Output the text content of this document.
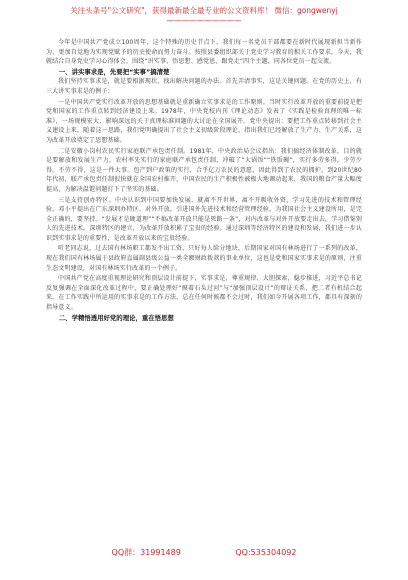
关注头条号"公文研究"，获得最新最全最专业的公文资料库！ 微信：gongwenyj
——————————

今年是中国共产党成立100周年，这个特殊的历史节点下，我们每一名党员干部都要在新时代展现新担当新作为，更加自觉地为实现党赋予的历史使命而努力奋斗。按照县委组织部关于党史学习教育的相关工作要求，今天，我就结合自身党史学习心得体会，围绕“讲实事、悟思想、感党恩、跟党走”四个主题，同各位党员一起交流。

一、讲实事求是，先要把“实事”搞清楚

我们坚持实事求是，就是要根据现状，找出解决问题的办法。首先弄清事实，这是关键问题。在党的历史上，有三大讲实事求是的例子：

一是中国共产党实行改革开放的思想基础就是重新确立实事求是的工作原则。当时实行改革开放的重要前提是把党和国家的工作重点转到经济建设上来。1978年，中央党校内刊《理论动态》发表了《实践是检验真理的唯一标准》，一场规模宏大、影响深远的关于真理标准问题的大讨论在全国展开。党中央提出：要把工作重点转移到社会主义建设上来，随着这一思路，我们党明确提出了社会主义初级阶段理论，指出我们已经解放了生产力、生产关系，这为改革开放奠定了思想基础。

二是安徽小岗村农民实行家庭联产承包责任制。1981年，中央政治局会议指出：我们搞经济体制改革，目的就是要解放和发展生产力。农村率先实行的家庭联产承包责任制，冲破了“大锅饭”“铁饭碗”，实行多劳多得，少劳少得。不劳不得，这是一件大事。包产到户政策的实行，合乎亿万农民的意愿，因此得到了农民的拥护。到20世纪80年代初，联产承包责任制很快就在全国农村推开，中国农民的生产积极性被极大地调动起来，我国的粮食产量大幅度提高，为解决温饱问题打下了坚实的基础。

三是支持创办特区。中央认识到中国要加快发展，就离不开世界，离不开吸收外资、学习先进的技术和管理经验。邓小平提出在广东深圳办特区，对外开放，引进国外先进技术和经营管理经验，为我国社会主义建设所用，是完全正确的，要坚持。“发展才是硬道理”“不搞改革开放只能是死路一条”，对内改革与对外开放要走出去，学习借鉴别人的先进技术。深圳特区的建立，为改革开放积累了宝贵的经验。通过深圳等经济特区的建设和发展，我们进一步认识到实事求是的重要性，是改革开放以来的宝贵经验。

听老同志说，过去国有林场职工都发不出工资，只好每人给分地块，后期国家对国有林场进行了一系列的改革，现在我们国有林场属于县政府直属副县级公益一类全额财政拨款的事业单位，这也是党和国家实事求是的原则，注重生态文明建设，对国有林场实行改革的一个例子。

中国共产党在高度重视理论研究和顶层设计前提下，实事求是，尊重规律、大胆探索，稳步推进，习近平总书记反复强调在全面深化改革过程中，要正确处理好“摸着石头过河”与“加强顶层设计”的辩证关系，把二者有机结合起来。在工作实践中所运用的实事求是的工作方法，总在任何时候都不会过时，我们如今开展各项工作，都具有深刻的指导意义。

二、学精悟透用好党的理论，重在悟思想
QQ群：31991489	QQ:535304092
